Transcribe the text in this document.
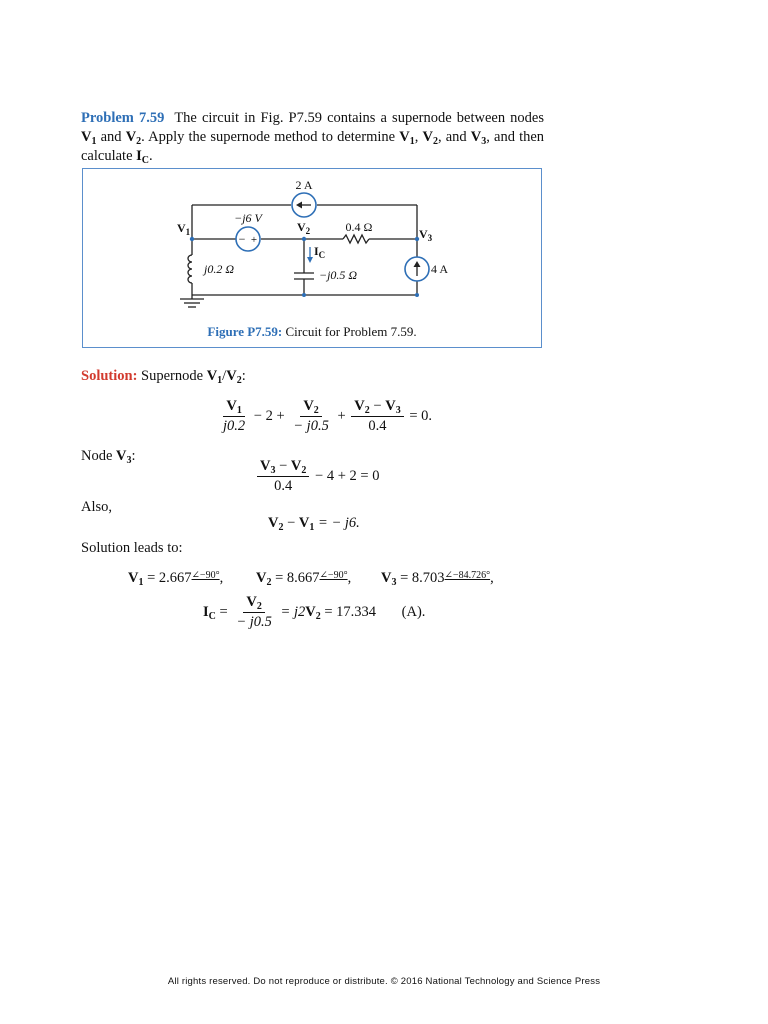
Problem 7.59 The circuit in Fig. P7.59 contains a supernode between nodes $V_1$ and $V_2$. Apply the supernode method to determine $V_1$, $V_2$, and $V_3$, and then calculate $I_C$.
− +
2 A
−j6 V
0.4 Ω
$V_1$	$V_2$	$V_3$
$I_C$
j0.2 Ω	−j0.5 Ω	4 A
Figure P7.59: Circuit for Problem 7.59.
Solution: Supernode $V_1/V_2$:
$\frac{V_1}{j0.2} - 2 + \frac{V_2}{- j0.5} + \frac{V_2 - V_3}{0.4} = 0$.
Node $V_3$:
$\frac{V_3 - V_2}{0.4} - 4 + 2 = 0$
Also,
$V_2 - V_1$ = − j6.
Solution leads to:
$V_1 = 2.667^{\angle-90^\circ}$, $V_2 = 8.667^{\angle-90^\circ}$, $V_3 = 8.703^{\angle-84.726^\circ}$,
$I_C = \frac{V_2}{- j0.5} = j2V_2 = 17.334$ (A).
All rights reserved. Do not reproduce or distribute. © 2016 National Technology and Science Press
